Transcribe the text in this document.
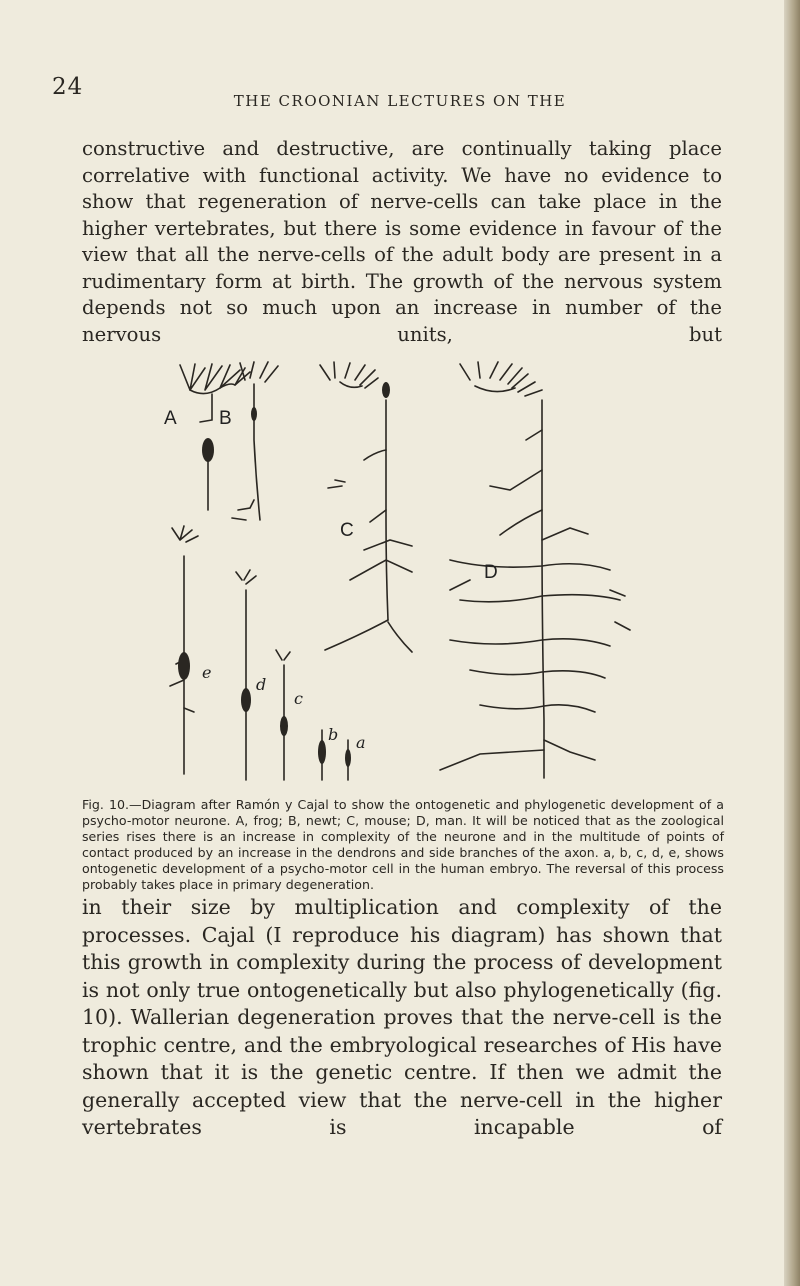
24
THE CROONIAN LECTURES ON THE

constructive and destructive, are continually taking place correlative with functional activity. We have no evidence to show that regeneration of nerve-cells can take place in the higher vertebrates, but there is some evidence in favour of the view that all the nerve-cells of the adult body are present in a rudimentary form at birth. The growth of the nervous system depends not so much upon an increase in number of the nervous units, but

A B
C
D
e
d
c
b a

Fig. 10.—Diagram after Ramón y Cajal to show the ontogenetic and phylogenetic development of a psycho-motor neurone. A, frog; B, newt; C, mouse; D, man. It will be noticed that as the zoological series rises there is an increase in complexity of the neurone and in the multitude of points of contact produced by an increase in the dendrons and side branches of the axon. a, b, c, d, e, shows ontogenetic development of a psycho-motor cell in the human embryo. The reversal of this process probably takes place in primary degeneration.

in their size by multiplication and complexity of the processes. Cajal (I reproduce his diagram) has shown that this growth in complexity during the process of development is not only true ontogenetically but also phylogenetically (fig. 10). Wallerian degeneration proves that the nerve-cell is the trophic centre, and the embryological researches of His have shown that it is the genetic centre. If then we admit the generally accepted view that the nerve-cell in the higher vertebrates is incapable of
